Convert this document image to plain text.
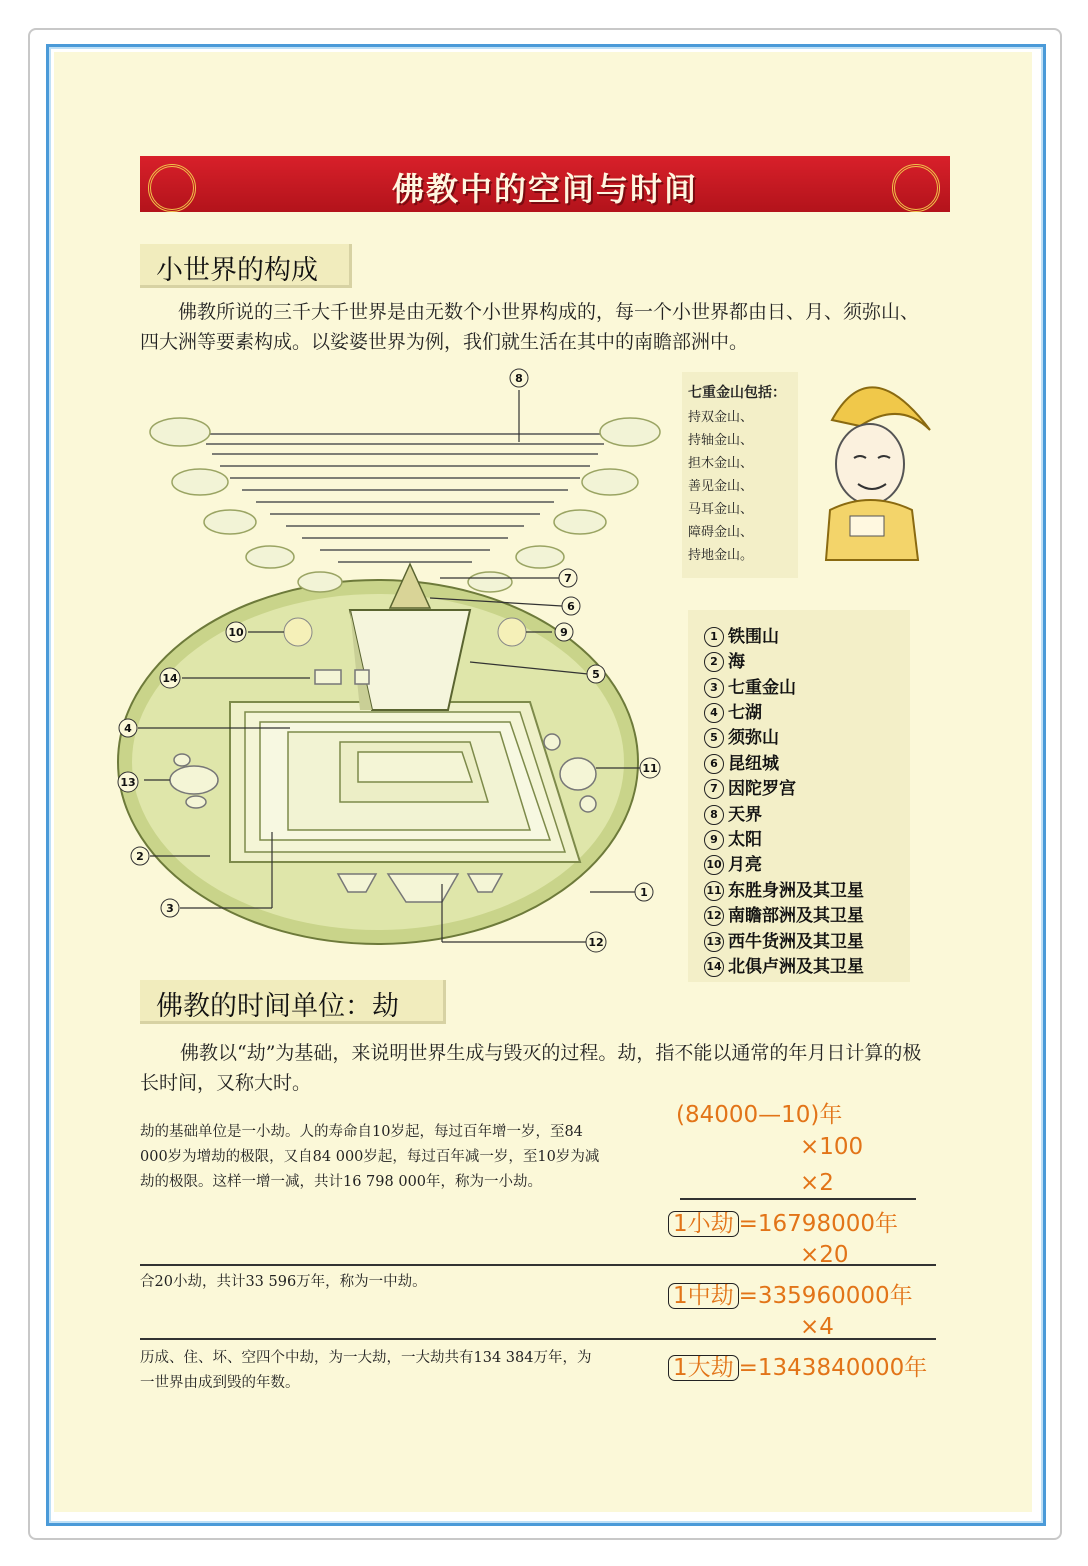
佛教中的空间与时间
小世界的构成
佛教所说的三千大千世界是由无数个小世界构成的，每一个小世界都由日、月、须弥山、四大洲等要素构成。以娑婆世界为例，我们就生活在其中的南瞻部洲中。
8
7
6
10	9
14	5
4
11
13
2
1
3
12
七重金山包括：
持双金山、
持轴金山、
担木金山、
善见金山、
马耳金山、
障碍金山、
持地金山。
1 铁围山
2 海
3 七重金山
4 七湖
5 须弥山
6 昆纽城
7 因陀罗宫
8 天界
9 太阳
10 月亮
11 东胜身洲及其卫星
12 南瞻部洲及其卫星
13 西牛货洲及其卫星
14 北俱卢洲及其卫星
佛教的时间单位：劫
佛教以“劫”为基础，来说明世界生成与毁灭的过程。劫，指不能以通常的年月日计算的极长时间，又称大时。
劫的基础单位是一小劫。人的寿命自10岁起，每过百年增一岁，至84 000岁为增劫的极限，又自84 000岁起，每过百年减一岁，至10岁为减劫的极限。这样一增一减，共计16 798 000年，称为一小劫。
合20小劫，共计33 596万年，称为一中劫。
历成、住、坏、空四个中劫，为一大劫，一大劫共有134 384万年，为一世界由成到毁的年数。
(84000—10)年
×100
×2
1小劫 =16798000年
×20
1中劫 =335960000年
×4
1大劫 =1343840000年
